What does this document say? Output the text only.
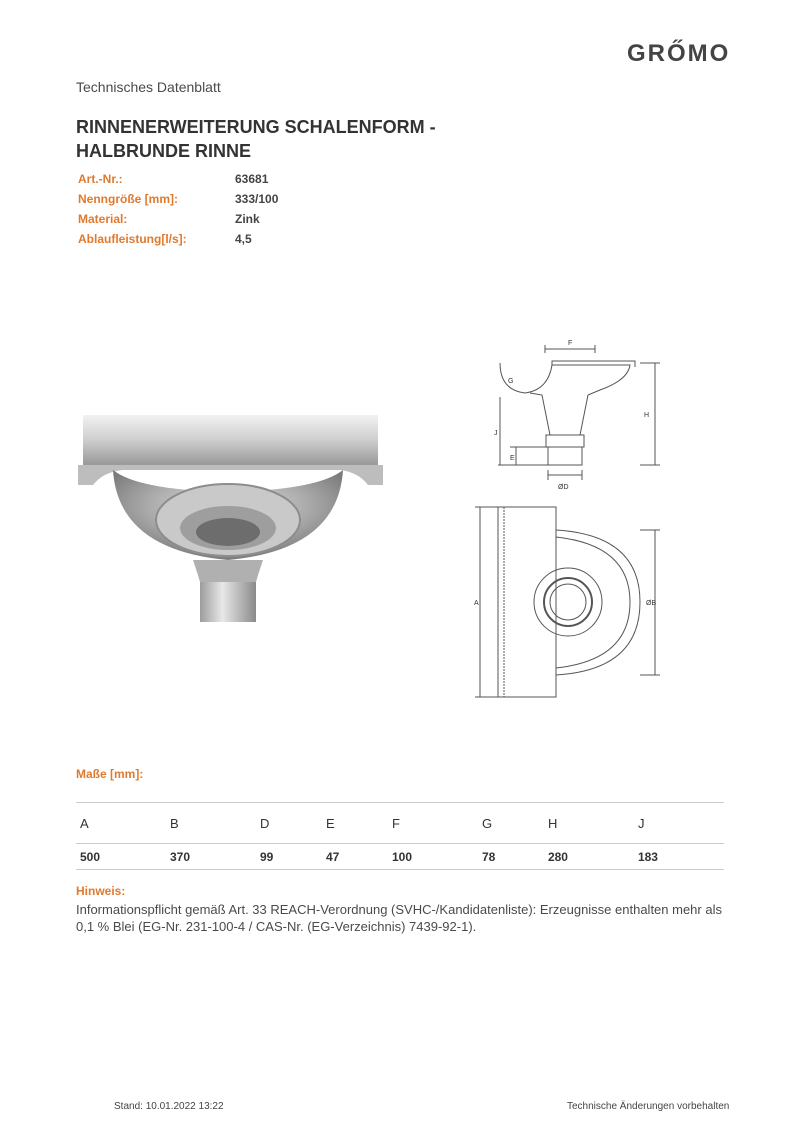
GRŐMO
Technisches Datenblatt
RINNENERWEITERUNG SCHALENFORM -
HALBRUNDE RINNE
Art.-Nr.:	63681
Nenngröße [mm]:	333/100
Material:	Zink
Ablaufleistung[l/s]:	4,5
F
G
H
J
E
ØD
A	ØB
Maße [mm]:
A	B	D	E	F	G	H	J
500	370	99	47	100	78	280	183
Hinweis:
Informationspflicht gemäß Art. 33 REACH-Verordnung (SVHC-/Kandidatenliste): Erzeugnisse enthalten mehr als 0,1 % Blei (EG-Nr. 231-100-4 / CAS-Nr. (EG-Verzeichnis) 7439-92-1).
Stand: 10.01.2022 13:22	Technische Änderungen vorbehalten
